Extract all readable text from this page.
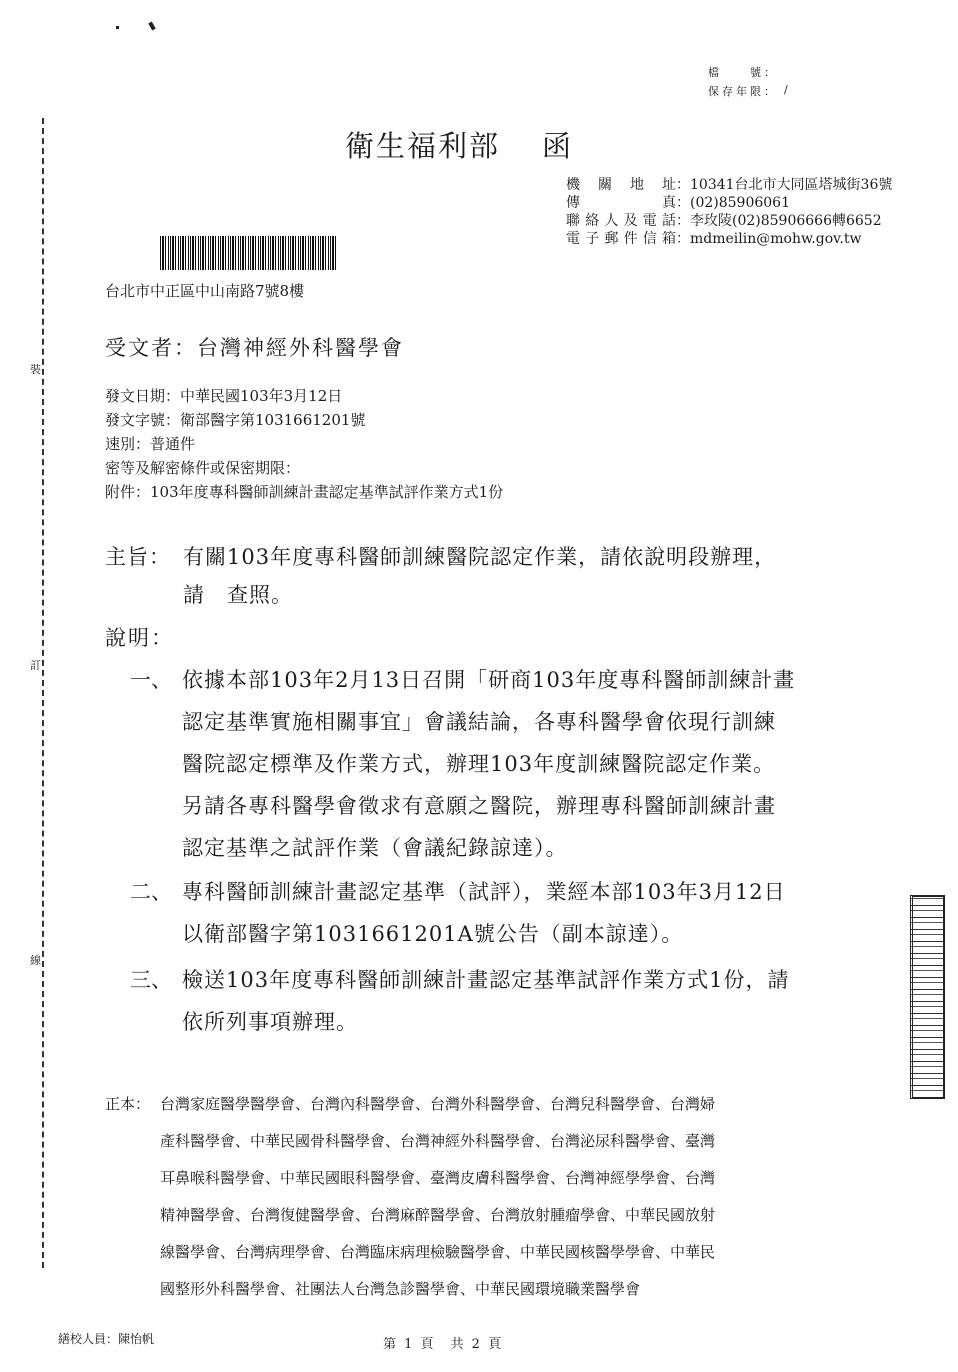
裝
訂
線
檔　　號：
保存年限： /
衛生福利部 函
機關地址：10341台北市大同區塔城街36號
傳　　真：(02)85906061
聯絡人及電話：李玫陵(02)85906666轉6652
電子郵件信箱：mdmeilin@mohw.gov.tw
台北市中正區中山南路7號8樓
受文者：台灣神經外科醫學會
發文日期：中華民國103年3月12日
發文字號：衛部醫字第1031661201號
速別：普通件
密等及解密條件或保密期限：
附件：103年度專科醫師訓練計畫認定基準試評作業方式1份
主旨： 有關103年度專科醫師訓練醫院認定作業，請依說明段辦理，
請　查照。
說明：
一、 依據本部103年2月13日召開「研商103年度專科醫師訓練計畫
認定基準實施相關事宜」會議結論，各專科醫學會依現行訓練
醫院認定標準及作業方式，辦理103年度訓練醫院認定作業。
另請各專科醫學會徵求有意願之醫院，辦理專科醫師訓練計畫
認定基準之試評作業（會議紀錄諒達）。
二、 專科醫師訓練計畫認定基準（試評），業經本部103年3月12日
以衛部醫字第1031661201A號公告（副本諒達）。
三、 檢送103年度專科醫師訓練計畫認定基準試評作業方式1份，請
依所列事項辦理。
正本： 台灣家庭醫學醫學會、台灣內科醫學會、台灣外科醫學會、台灣兒科醫學會、台灣婦
產科醫學會、中華民國骨科醫學會、台灣神經外科醫學會、台灣泌尿科醫學會、臺灣
耳鼻喉科醫學會、中華民國眼科醫學會、臺灣皮膚科醫學會、台灣神經學學會、台灣
精神醫學會、台灣復健醫學會、台灣麻醉醫學會、台灣放射腫瘤學會、中華民國放射
線醫學會、台灣病理學會、台灣臨床病理檢驗醫學會、中華民國核醫學學會、中華民
國整形外科醫學會、社團法人台灣急診醫學會、中華民國環境職業醫學會
繕校人員：陳怡帆	第 1 頁　共 2 頁
